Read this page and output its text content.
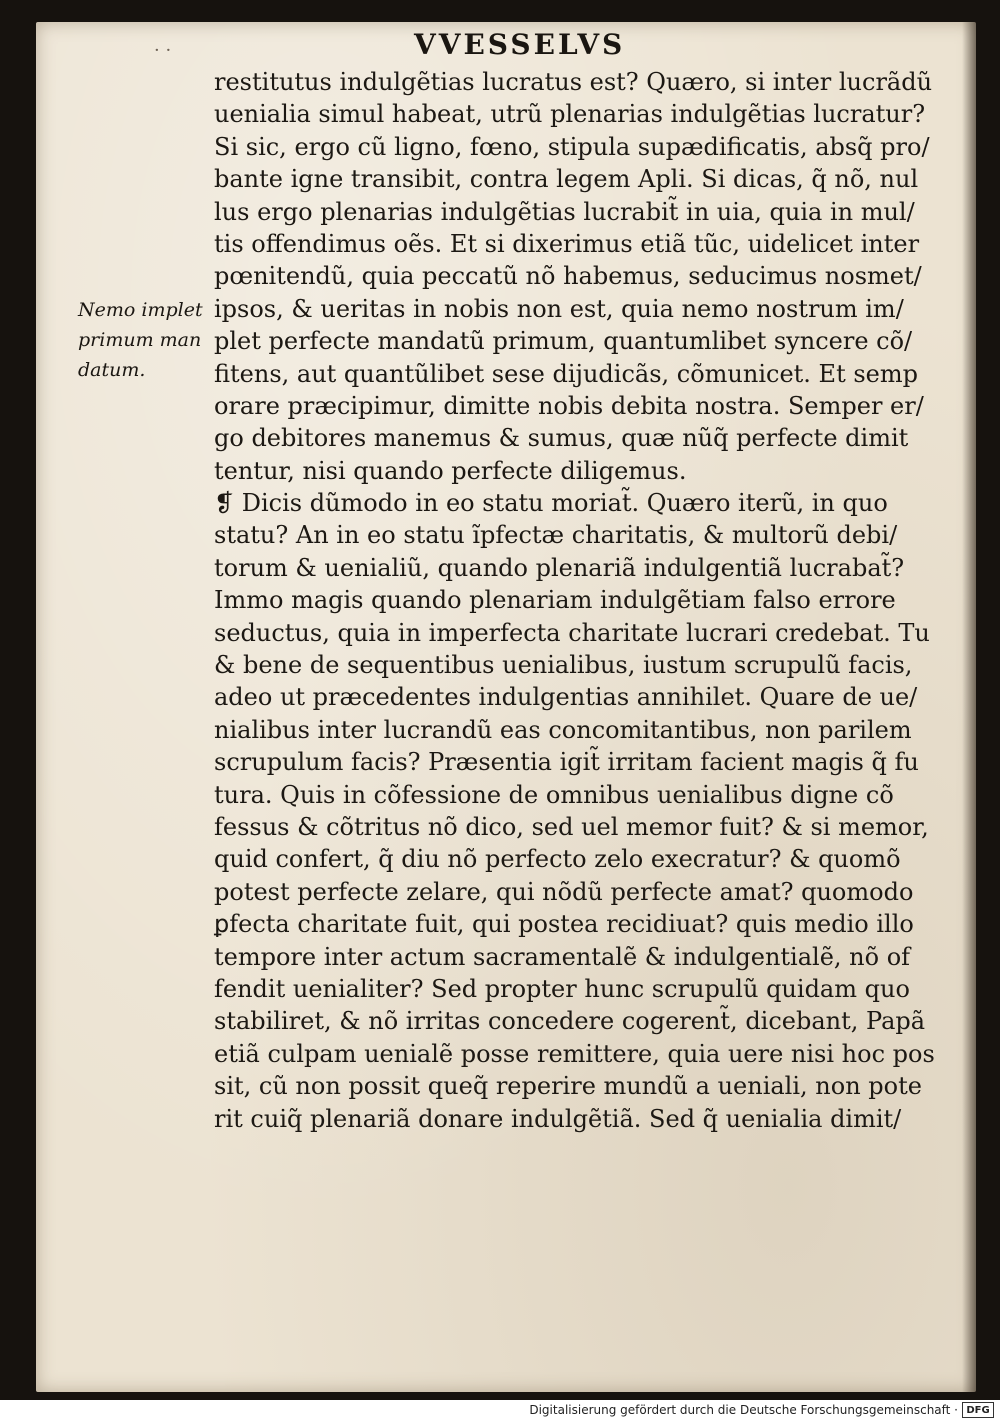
· ·	VVESSELVS
Nemo implet
primum man
datum.
restitutus indulgẽtias lucratus est? Quæro, si inter lucrãdũ
uenialia simul habeat, utrũ plenarias indulgẽtias lucratur?
Si sic, ergo cũ ligno, fœno, stipula supædificatis, absq̃ pro/
bante igne transibit, contra legem Apli. Si dicas, q̃ nõ, nul
lus ergo plenarias indulgẽtias lucrabit̃ in uia, quia in mul/
tis offendimus oẽs. Et si dixerimus etiã tũc, uidelicet inter
pœnitendũ, quia peccatũ nõ habemus, seducimus nosmet/
ipsos, & ueritas in nobis non est, quia nemo nostrum im/
plet perfecte mandatũ primum, quantumlibet syncere cõ/
fitens, aut quantũlibet sese dijudicãs, cõmunicet. Et semp
orare præcipimur, dimitte nobis debita nostra. Semper er/
go debitores manemus & sumus, quæ nũq̃ perfecte dimit
tentur, nisi quando perfecte diligemus.
❡ Dicis dũmodo in eo statu moriat̃. Quæro iterũ, in quo
statu? An in eo statu ĩpfectæ charitatis, & multorũ debi/
torum & uenialiũ, quando plenariã indulgentiã lucrabat̃?
Immo magis quando plenariam indulgẽtiam falso errore
seductus, quia in imperfecta charitate lucrari credebat. Tu
& bene de sequentibus uenialibus, iustum scrupulũ facis,
adeo ut præcedentes indulgentias annihilet. Quare de ue/
nialibus inter lucrandũ eas concomitantibus, non parilem
scrupulum facis? Præsentia igit̃ irritam facient magis q̃ fu
tura. Quis in cõfessione de omnibus uenialibus digne cõ
fessus & cõtritus nõ dico, sed uel memor fuit? & si memor,
quid confert, q̃ diu nõ perfecto zelo execratur? & quomõ
potest perfecte zelare, qui nõdũ perfecte amat? quomodo
ꝑfecta charitate fuit, qui postea recidiuat? quis medio illo
tempore inter actum sacramentalẽ & indulgentialẽ, nõ of
fendit uenialiter? Sed propter hunc scrupulũ quidam quo
stabiliret, & nõ irritas concedere cogerent̃, dicebant, Papã
etiã culpam uenialẽ posse remittere, quia uere nisi hoc pos
sit, cũ non possit queq̃ reperire mundũ a ueniali, non pote
rit cuiq̃ plenariã donare indulgẽtiã. Sed q̃ uenialia dimit/
Digitalisierung gefördert durch die Deutsche Forschungsgemeinschaft · DFG
